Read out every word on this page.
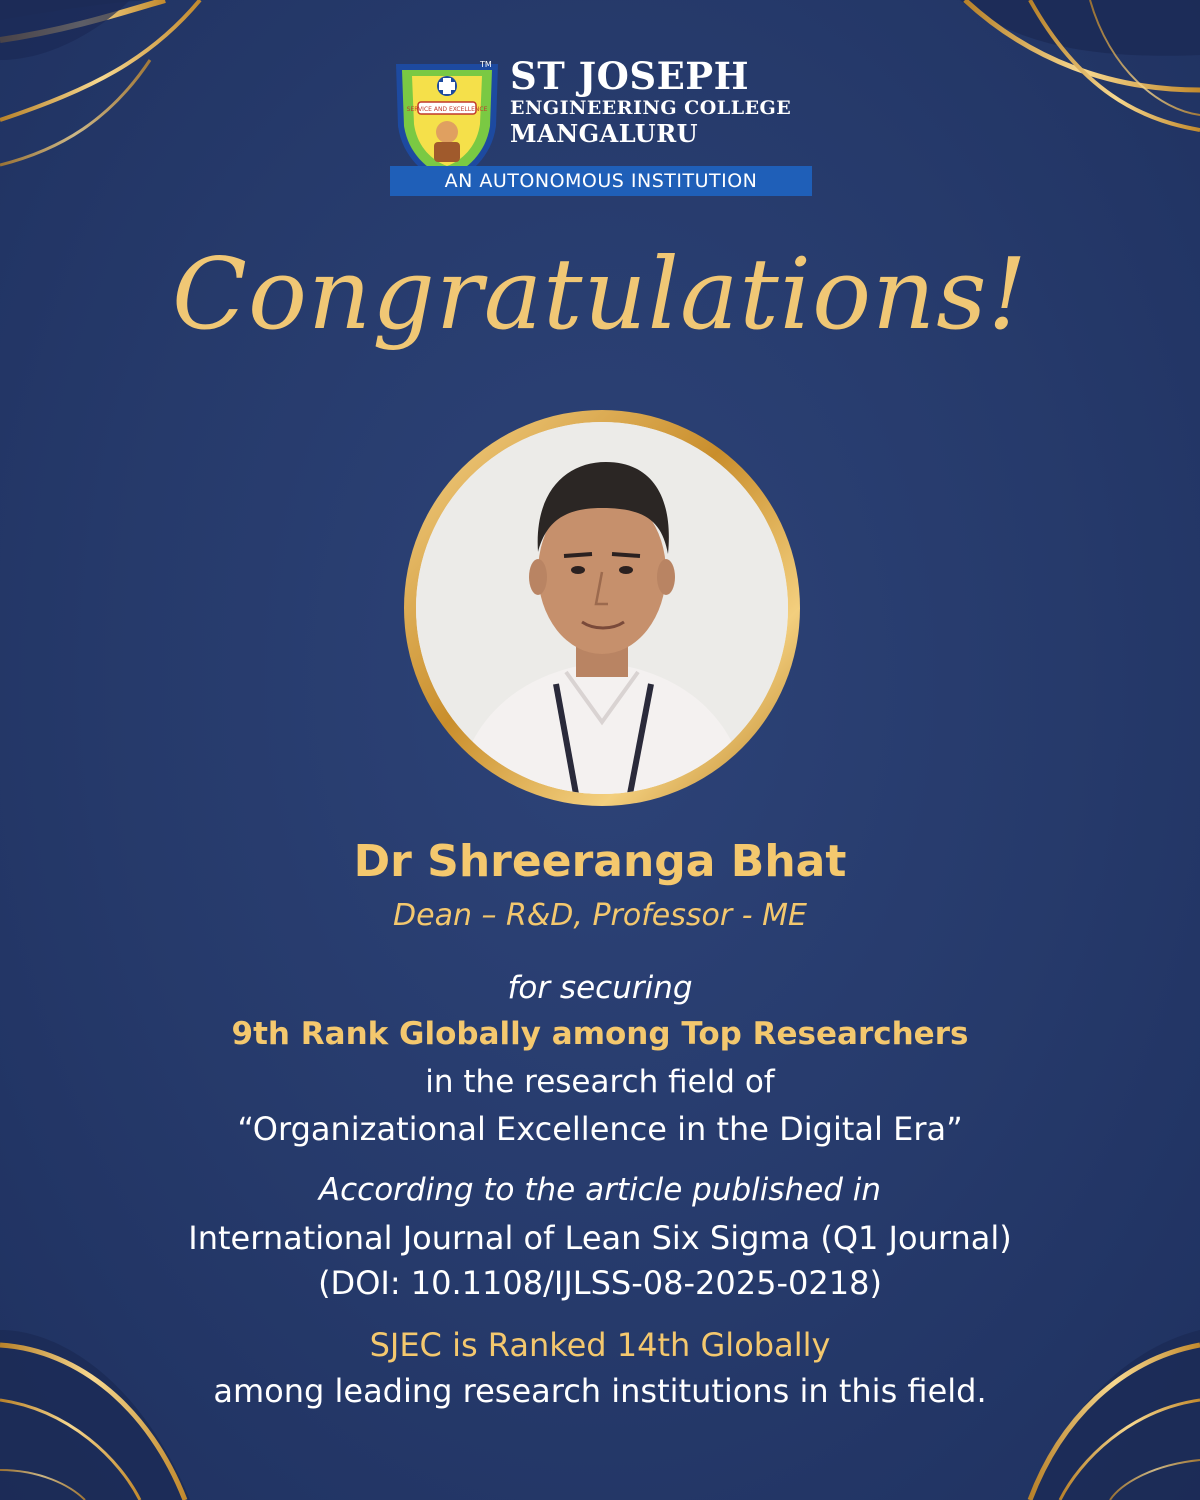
SERVICE AND EXCELLENCE
TM ST JOSEPH
ENGINEERING COLLEGE
MANGALURU
AN AUTONOMOUS INSTITUTION
Congratulations!
Dr Shreeranga Bhat
Dean – R&D, Professor - ME
for securing
9th Rank Globally among Top Researchers
in the research field of
“Organizational Excellence in the Digital Era”
According to the article published in
International Journal of Lean Six Sigma (Q1 Journal)
(DOI: 10.1108/IJLSS-08-2025-0218)
SJEC is Ranked 14th Globally
among leading research institutions in this field.
